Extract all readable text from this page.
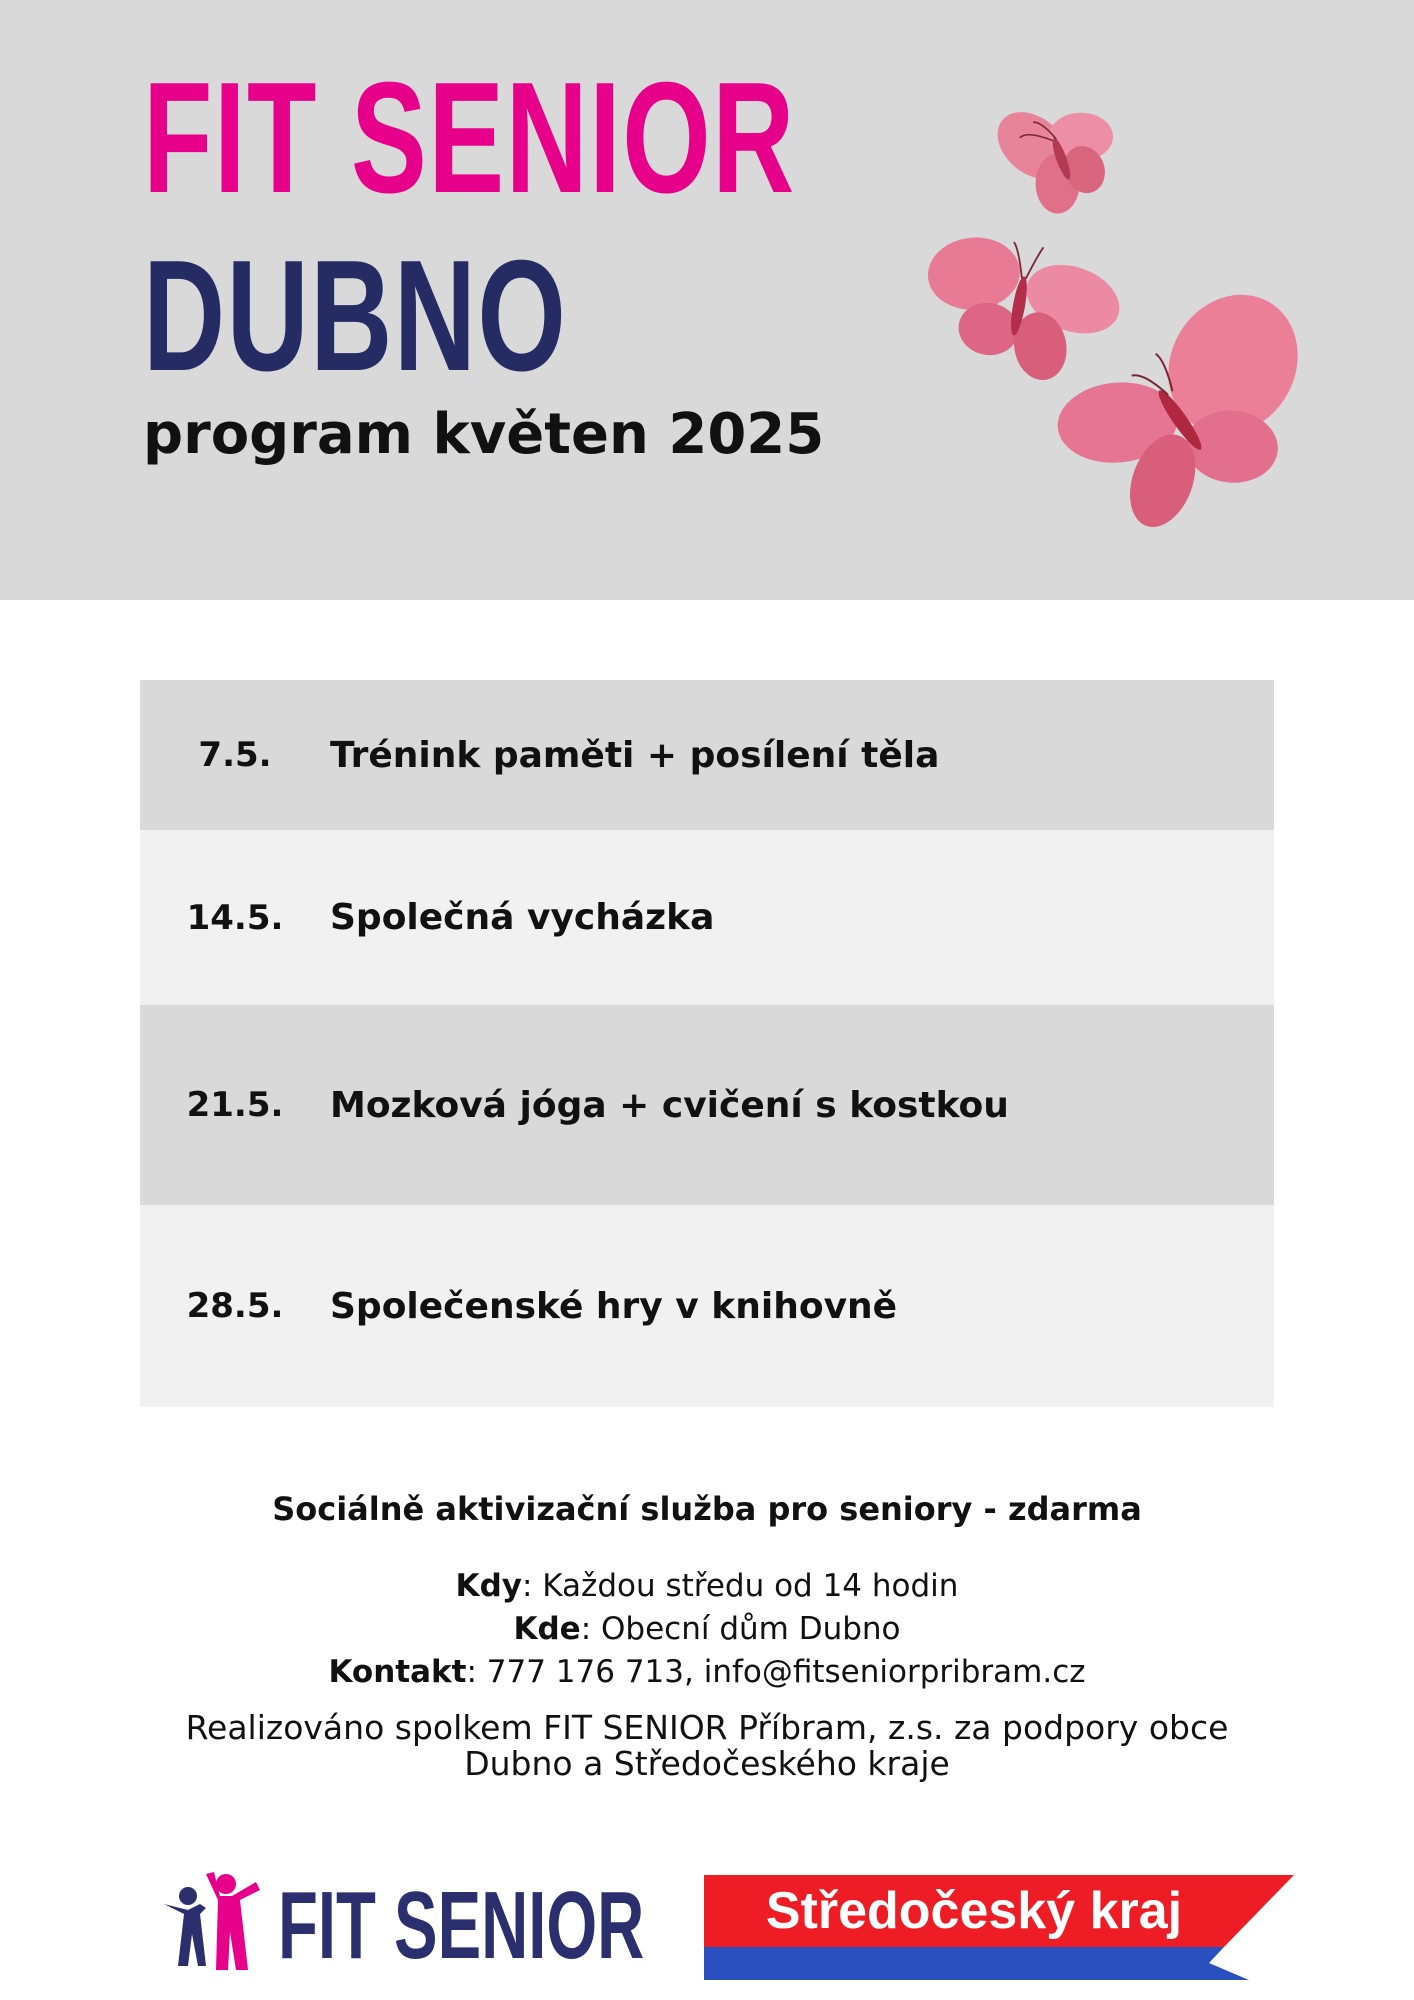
FIT SENIOR
DUBNO
program květen 2025
7.5.	Trénink paměti + posílení těla
14.5.	Společná vycházka
21.5.	Mozková jóga + cvičení s kostkou
28.5.	Společenské hry v knihovně
Sociálně aktivizační služba pro seniory - zdarma
Kdy: Každou středu od 14 hodin
Kde: Obecní dům Dubno
Kontakt: 777 176 713, info@fitseniorpribram.cz
Realizováno spolkem FIT SENIOR Příbram, z.s. za podpory obce
Dubno a Středočeského kraje
FIT SENIOR	Středočeský kraj
